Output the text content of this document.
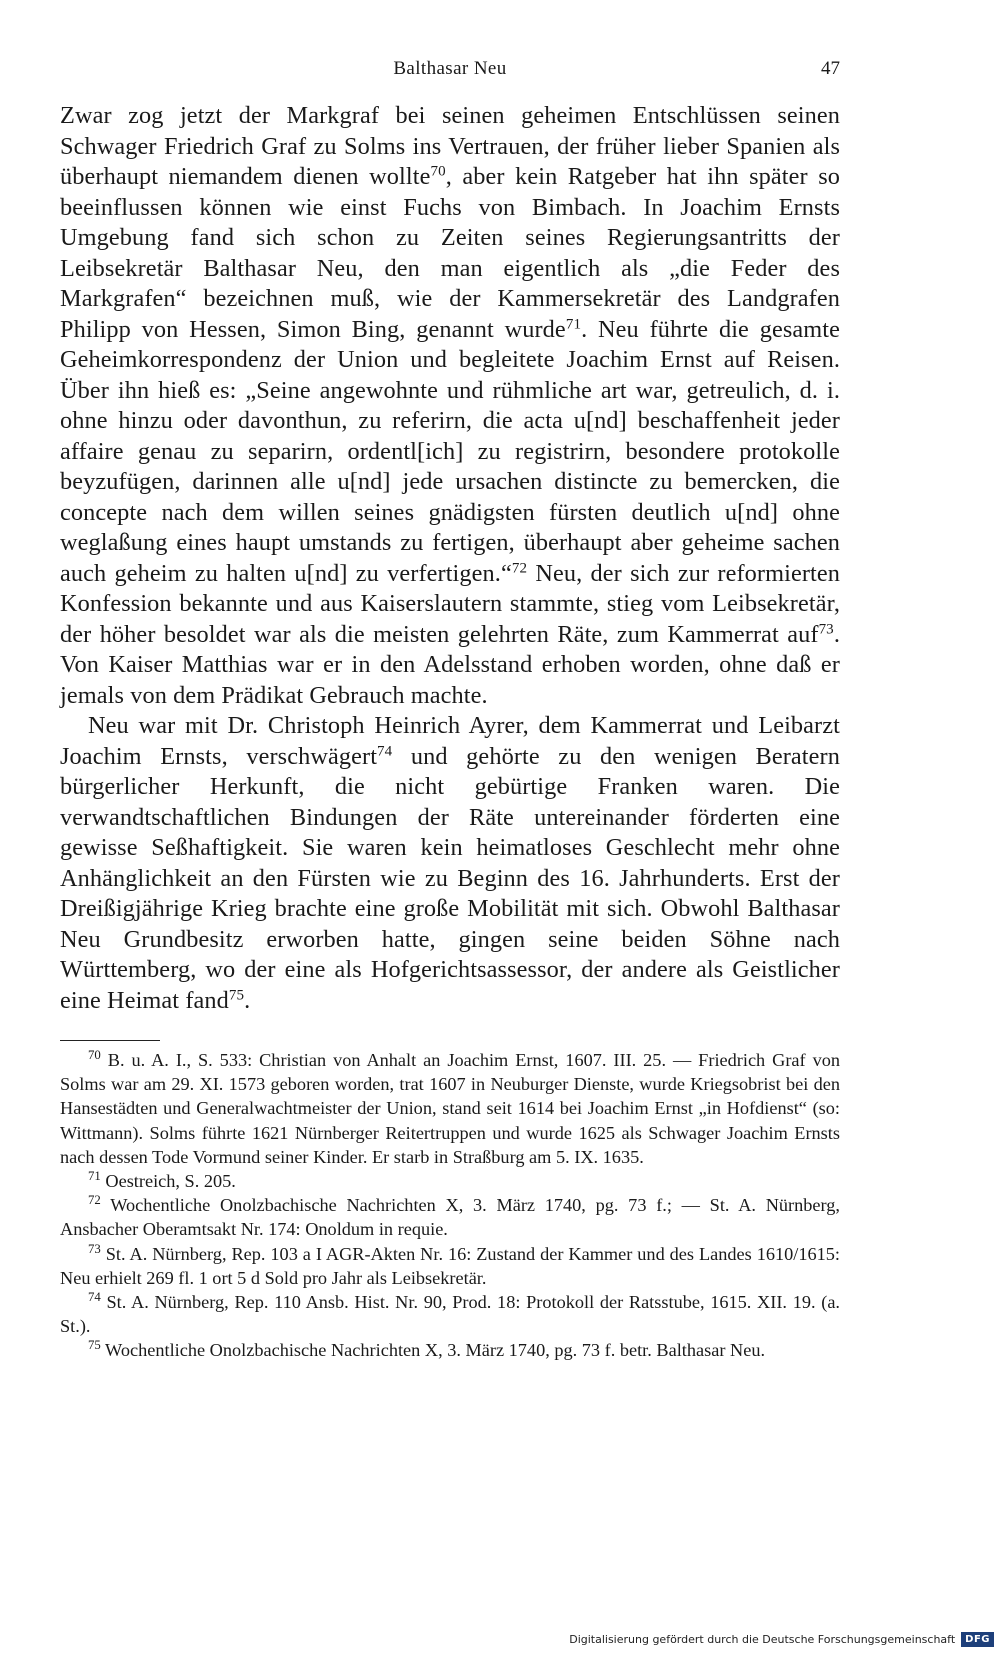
Balthasar Neu	47

Zwar zog jetzt der Markgraf bei seinen geheimen Entschlüssen seinen Schwager Friedrich Graf zu Solms ins Vertrauen, der früher lieber Spanien als überhaupt niemandem dienen wollte$^{70}$, aber kein Ratgeber hat ihn später so beeinflussen können wie einst Fuchs von Bimbach. In Joachim Ernsts Umgebung fand sich schon zu Zeiten seines Regierungsantritts der Leibsekretär Balthasar Neu, den man eigentlich als „die Feder des Markgrafen“ bezeichnen muß, wie der Kammersekretär des Landgrafen Philipp von Hessen, Simon Bing, genannt wurde$^{71}$. Neu führte die gesamte Geheimkorrespondenz der Union und begleitete Joachim Ernst auf Reisen. Über ihn hieß es: „Seine angewohnte und rühmliche art war, getreulich, d. i. ohne hinzu oder davonthun, zu referirn, die acta u[nd] beschaffenheit jeder affaire genau zu separirn, ordentl[ich] zu registrirn, besondere protokolle beyzufügen, darinnen alle u[nd] jede ursachen distincte zu bemercken, die concepte nach dem willen seines gnädigsten fürsten deutlich u[nd] ohne weglaßung eines haupt umstands zu fertigen, überhaupt aber geheime sachen auch geheim zu halten u[nd] zu verfertigen.“$^{72}$ Neu, der sich zur reformierten Konfession bekannte und aus Kaiserslautern stammte, stieg vom Leibsekretär, der höher besoldet war als die meisten gelehrten Räte, zum Kammerrat auf$^{73}$. Von Kaiser Matthias war er in den Adelsstand erhoben worden, ohne daß er jemals von dem Prädikat Gebrauch machte.

Neu war mit Dr. Christoph Heinrich Ayrer, dem Kammerrat und Leibarzt Joachim Ernsts, verschwägert$^{74}$ und gehörte zu den wenigen Beratern bürgerlicher Herkunft, die nicht gebürtige Franken waren. Die verwandtschaftlichen Bindungen der Räte untereinander förderten eine gewisse Seßhaftigkeit. Sie waren kein heimatloses Geschlecht mehr ohne Anhänglichkeit an den Fürsten wie zu Beginn des 16. Jahrhunderts. Erst der Dreißigjährige Krieg brachte eine große Mobilität mit sich. Obwohl Balthasar Neu Grundbesitz erworben hatte, gingen seine beiden Söhne nach Württemberg, wo der eine als Hofgerichtsassessor, der andere als Geistlicher eine Heimat fand$^{75}$.

$^{70}$ B. u. A. I., S. 533: Christian von Anhalt an Joachim Ernst, 1607. III. 25. — Friedrich Graf von Solms war am 29. XI. 1573 geboren worden, trat 1607 in Neuburger Dienste, wurde Kriegsobrist bei den Hansestädten und Generalwachtmeister der Union, stand seit 1614 bei Joachim Ernst „in Hofdienst“ (so: Wittmann). Solms führte 1621 Nürnberger Reitertruppen und wurde 1625 als Schwager Joachim Ernsts nach dessen Tode Vormund seiner Kinder. Er starb in Straßburg am 5. IX. 1635.

$^{71}$ Oestreich, S. 205.

$^{72}$ Wochentliche Onolzbachische Nachrichten X, 3. März 1740, pg. 73 f.; — St. A. Nürnberg, Ansbacher Oberamtsakt Nr. 174: Onoldum in requie.

$^{73}$ St. A. Nürnberg, Rep. 103 a I AGR-Akten Nr. 16: Zustand der Kammer und des Landes 1610/1615: Neu erhielt 269 fl. 1 ort 5 d Sold pro Jahr als Leibsekretär.

$^{74}$ St. A. Nürnberg, Rep. 110 Ansb. Hist. Nr. 90, Prod. 18: Protokoll der Ratsstube, 1615. XII. 19. (a. St.).

$^{75}$ Wochentliche Onolzbachische Nachrichten X, 3. März 1740, pg. 73 f. betr. Balthasar Neu.

Digitalisierung gefördert durch die Deutsche Forschungsgemeinschaft	DFG
